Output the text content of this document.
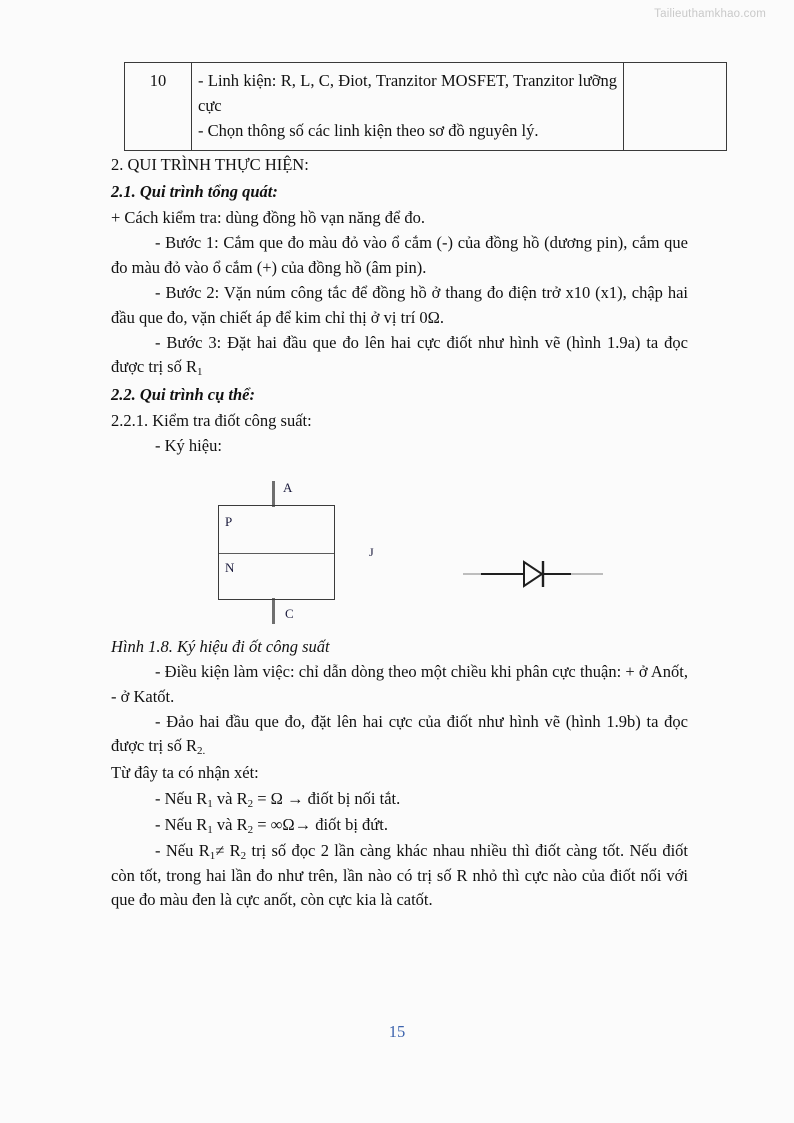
Tailieuthamkhao.com
10	- Linh kiện: R, L, C, Điot, Tranzitor MOSFET, Tranzitor lưỡng cực
- Chọn thông số các linh kiện theo sơ đồ nguyên lý.

2. QUI TRÌNH THỰC HIỆN:

2.1. Qui trình tổng quát:

+ Cách kiểm tra: dùng đồng hồ vạn năng để đo.

- Bước 1: Cắm que đo màu đỏ vào ổ cắm (-) của đồng hồ (dương pin), cắm que đo màu đỏ vào ổ cắm (+) của đồng hồ (âm pin).

- Bước 2: Vặn núm công tắc để đồng hồ ở thang đo điện trở x10 (x1), chập hai đầu que đo, vặn chiết áp để kim chỉ thị ở vị trí 0Ω.

- Bước 3: Đặt hai đầu que đo lên hai cực điốt như hình vẽ (hình 1.9a) ta đọc được trị số $R_1$

2.2. Qui trình cụ thể:

2.2.1. Kiểm tra điốt công suất:

- Ký hiệu:

A
C
J
P
N

Hình 1.8. Ký hiệu đi ốt công suất

- Điều kiện làm việc: chỉ dẫn dòng theo một chiều khi phân cực thuận: + ở Anốt, - ở Katốt.

- Đảo hai đầu que đo, đặt lên hai cực của điốt như hình vẽ (hình 1.9b) ta đọc được trị số $R_{2.}$

Từ đây ta có nhận xét:

- Nếu $R_1$ và $R_2 = \Omega$ → điốt bị nối tắt.

- Nếu $R_1$ và $R_2 = \infty\Omega\to$ điốt bị đứt.

- Nếu $R_1\ne R_2$ trị số đọc 2 lần càng khác nhau nhiều thì điốt càng tốt. Nếu điốt còn tốt, trong hai lần đo như trên, lần nào có trị số R nhỏ thì cực nào của điốt nối với que đo màu đen là cực anốt, còn cực kia là catốt.

15
